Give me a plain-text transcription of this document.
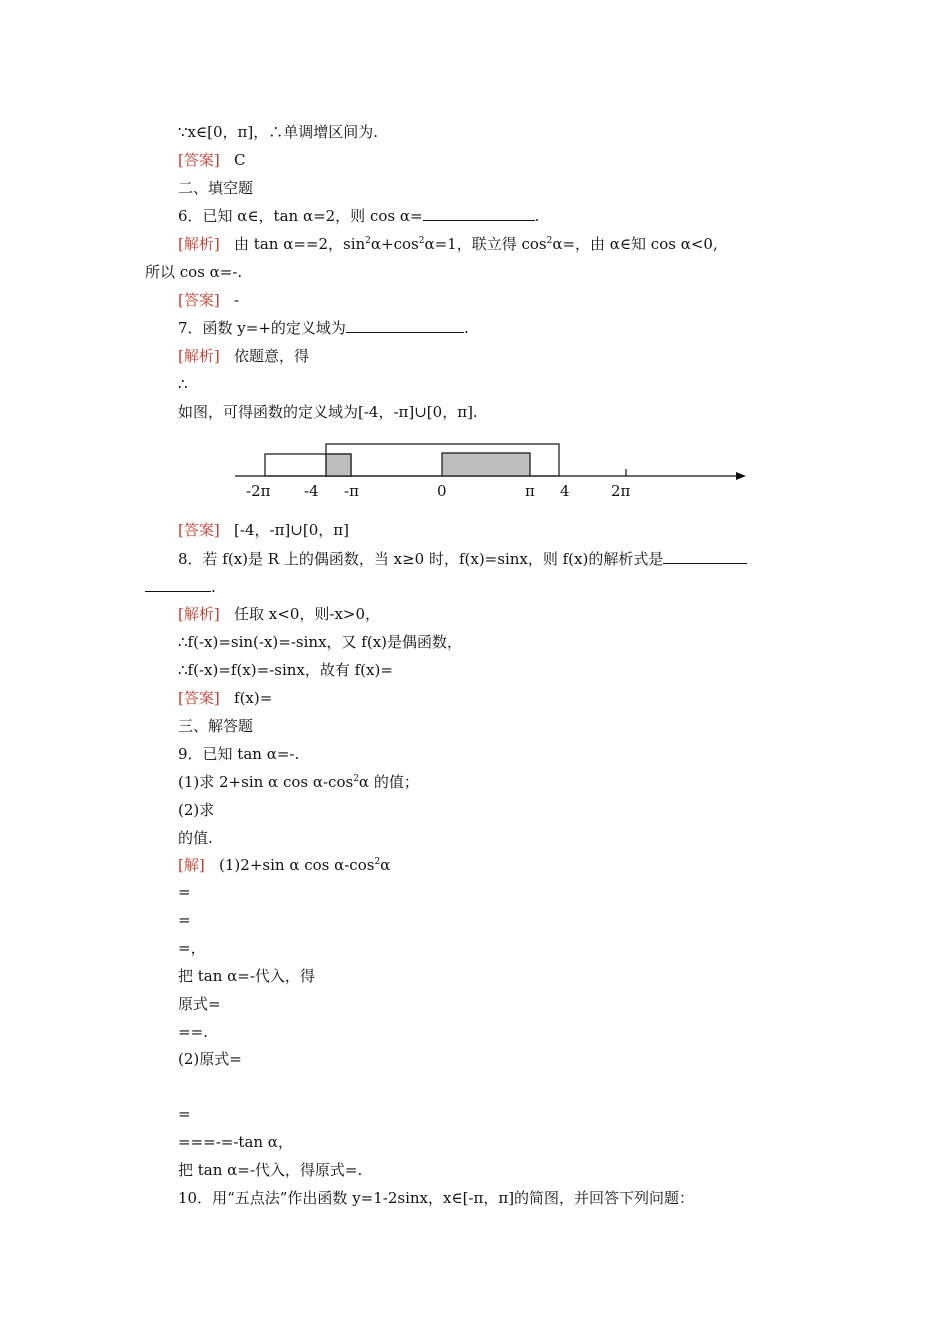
∵x∈[0，π]，∴单调增区间为.
[答案] C
二、填空题
6．已知 α∈，tan α=2，则 cos α=	.
[解析] 由 tan α==2，$\sin^2\alpha+\cos^2\alpha=1$，联立得 $\cos^2\alpha=$，由 α∈知 cos α<0,
所以 cos α=-.
[答案] -
7．函数 y=+的定义域为	.
[解析] 依题意，得
∴
如图，可得函数的定义域为[-4，-π]∪[0，π].
-2π -4 -π	0	π 4	2π
[答案] [-4，-π]∪[0，π]
8．若 f(x)是 R 上的偶函数，当 x≥0 时，f(x)=sinx，则 f(x)的解析式是
.
[解析] 任取 x<0，则-x>0，
∴f(-x)=sin(-x)=-sinx，又 f(x)是偶函数，
∴f(-x)=f(x)=-sinx，故有 f(x)=
[答案] f(x)=
三、解答题
9．已知 tan α=-.
(1)求 2+sin α $\cos \alpha-\cos^2\alpha$ 的值；
(2)求
的值.
[解] (1)2+sin α $\cos \alpha-\cos^2\alpha$
=
=
=，
把 tan α=-代入，得
原式=
==.
(2)原式=
=
===-=-tan α，
把 tan α=-代入，得原式=.
10．用“五点法”作出函数 y=1-2sinx，x∈[-π，π]的简图，并回答下列问题：
